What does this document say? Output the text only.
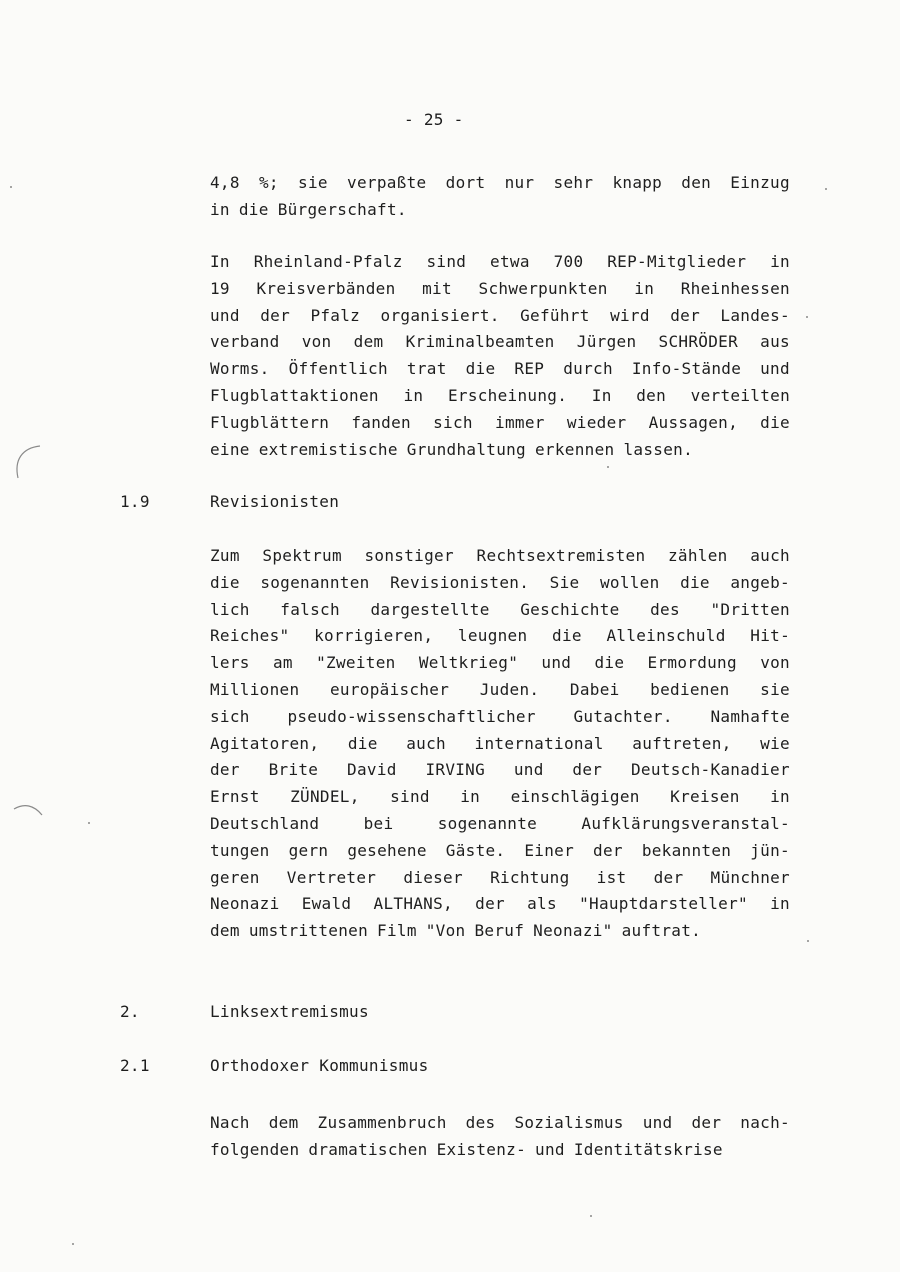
- 25 -
4,8 %; sie verpaßte dort nur sehr knapp den Einzug
in die Bürgerschaft.
In Rheinland-Pfalz sind etwa 700 REP-Mitglieder in
19 Kreisverbänden mit Schwerpunkten in Rheinhessen
und der Pfalz organisiert. Geführt wird der Landes-
verband von dem Kriminalbeamten Jürgen SCHRÖDER aus
Worms. Öffentlich trat die REP durch Info-Stände und
Flugblattaktionen in Erscheinung. In den verteilten
Flugblättern fanden sich immer wieder Aussagen, die
eine extremistische Grundhaltung erkennen lassen.
1.9	Revisionisten
Zum Spektrum sonstiger Rechtsextremisten zählen auch
die sogenannten Revisionisten. Sie wollen die angeb-
lich falsch dargestellte Geschichte des "Dritten
Reiches" korrigieren, leugnen die Alleinschuld Hit-
lers am "Zweiten Weltkrieg" und die Ermordung von
Millionen europäischer Juden. Dabei bedienen sie
sich pseudo-wissenschaftlicher Gutachter. Namhafte
Agitatoren, die auch international auftreten, wie
der Brite David IRVING und der Deutsch-Kanadier
Ernst ZÜNDEL, sind in einschlägigen Kreisen in
Deutschland	bei	sogenannte	Aufklärungsveranstal-
tungen gern gesehene Gäste. Einer der bekannten jün-
geren Vertreter dieser Richtung ist der Münchner
Neonazi Ewald ALTHANS, der als "Hauptdarsteller" in
dem umstrittenen Film "Von Beruf Neonazi" auftrat.
2.	Linksextremismus
2.1	Orthodoxer Kommunismus
Nach dem Zusammenbruch des Sozialismus und der nach-
folgenden dramatischen Existenz- und Identitätskrise
